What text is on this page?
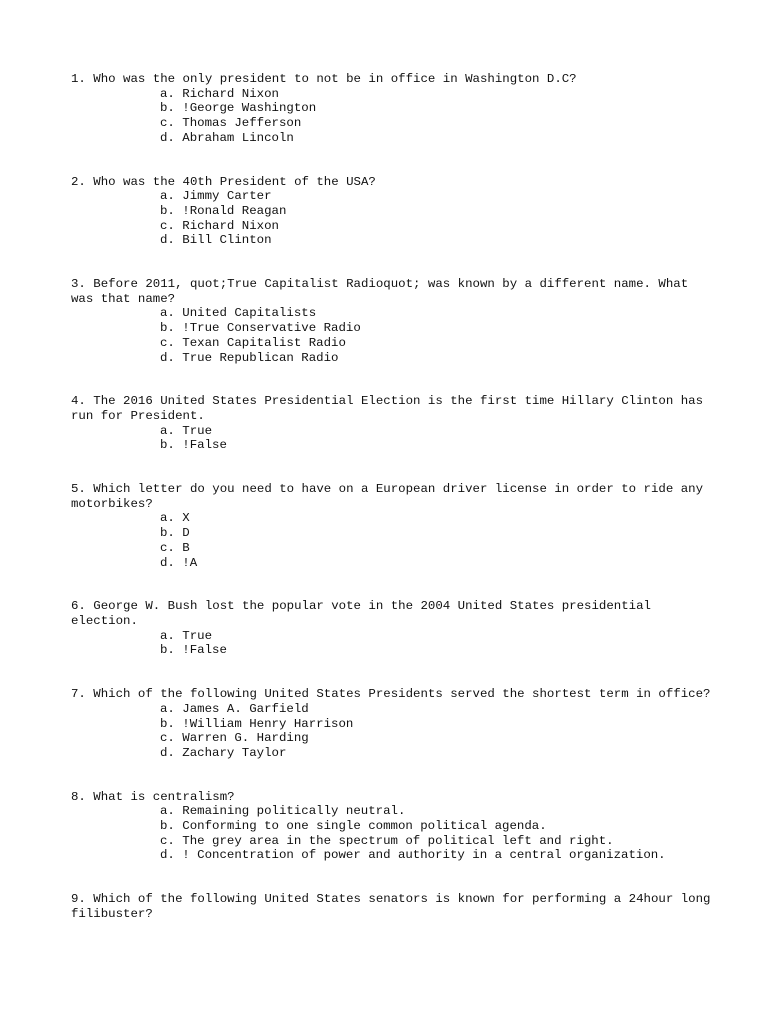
1. Who was the only president to not be in office in Washington D.C?
a. Richard Nixon
b. !George Washington
c. Thomas Jefferson
d. Abraham Lincoln
2. Who was the 40th President of the USA?
a. Jimmy Carter
b. !Ronald Reagan
c. Richard Nixon
d. Bill Clinton
3. Before 2011, quot;True Capitalist Radioquot; was known by a different name. What was that name?
a. United Capitalists
b. !True Conservative Radio
c. Texan Capitalist Radio
d. True Republican Radio
4. The 2016 United States Presidential Election is the first time Hillary Clinton has run for President.
a. True
b. !False
5. Which letter do you need to have on a European driver license in order to ride any motorbikes?
a. X
b. D
c. B
d. !A
6. George W. Bush lost the popular vote in the 2004 United States presidential election.
a. True
b. !False
7. Which of the following United States Presidents served the shortest term in office?
a. James A. Garfield
b. !William Henry Harrison
c. Warren G. Harding
d. Zachary Taylor
8. What is centralism?
a. Remaining politically neutral.
b. Conforming to one single common political agenda.
c. The grey area in the spectrum of political left and right.
d. ! Concentration of power and authority in a central organization.
9. Which of the following United States senators is known for performing a 24hour long filibuster?
